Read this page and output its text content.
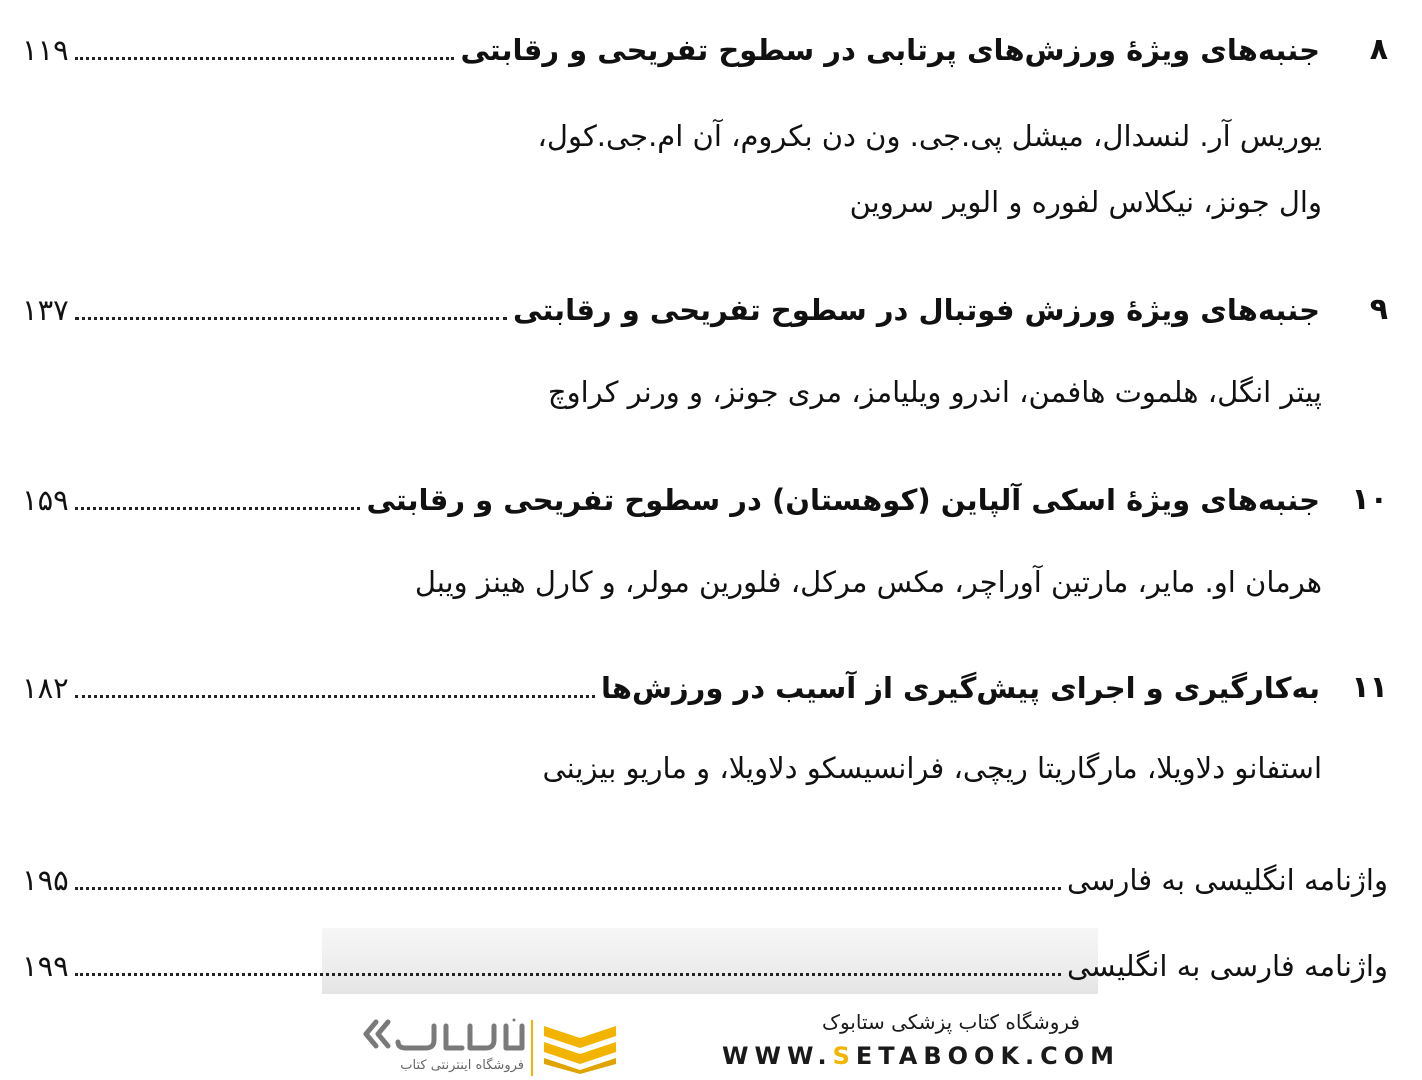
۸
جنبه‌های ویژهٔ ورزش‌های پرتابی در سطوح تفریحی و رقابتی
۱۱۹
یوریس آر. لنسدال، میشل پی.جی. ون دن بکروم، آن ام.جی.کول،
وال جونز، نیکلاس لفوره و الویر سروین
۹
جنبه‌های ویژهٔ ورزش فوتبال در سطوح تفریحی و رقابتی
۱۳۷
پیتر انگل، هلموت هافمن، اندرو ویلیامز، مری جونز، و ورنر کراوچ
۱۰
جنبه‌های ویژهٔ اسکی آلپاین (کوهستان) در سطوح تفریحی و رقابتی
۱۵۹
هرمان او. مایر، مارتین آوراچر، مکس مرکل، فلورین مولر، و کارل هینز ویبل
۱۱
به‌کارگیری و اجرای پیش‌گیری از آسیب در ورزش‌ها
۱۸۲
استفانو دلاویلا، مارگاریتا ریچی، فرانسیسکو دلاویلا، و ماریو بیزینی
واژنامه انگلیسی به فارسی
۱۹۵
واژنامه فارسی به انگلیسی
۱۹۹
فروشگاه کتاب پزشکی ستابوک
WWW.SETABOOK.COM
فروشگاه اینترنتی کتاب
